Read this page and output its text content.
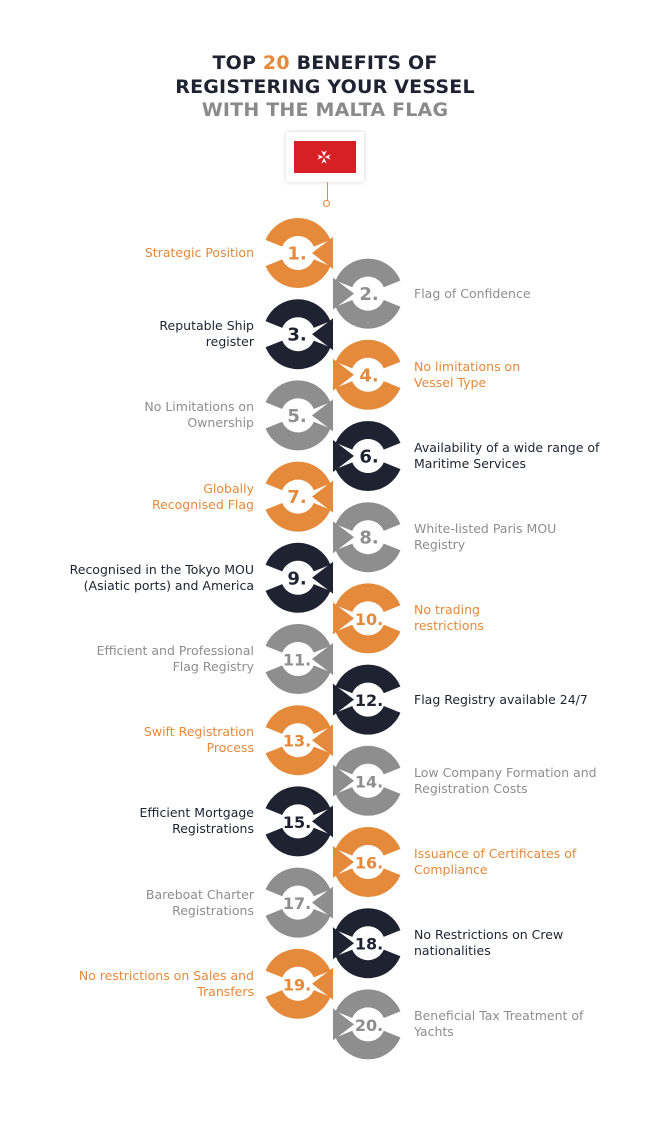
TOP 20 BENEFITS OF
REGISTERING YOUR VESSEL
WITH THE MALTA FLAG
1.
2.
3.
4.
5.
6.
7.
8.
9.
10.
11.
12.
13.
14.
15.
16.
17.
18.
19.
20.
Strategic Position
Flag of Confidence
Reputable Ship
register
No limitations on
Vessel Type
No Limitations on
Ownership
Availability of a wide range of
Maritime Services
Globally
Recognised Flag
White-listed Paris MOU
Registry
Recognised in the Tokyo MOU
(Asiatic ports) and America
No trading
restrictions
Efficient and Professional
Flag Registry
Flag Registry available 24/7
Swift Registration
Process
Low Company Formation and
Registration Costs
Efficient Mortgage
Registrations
Issuance of Certificates of
Compliance
Bareboat Charter
Registrations
No Restrictions on Crew
nationalities
No restrictions on Sales and
Transfers
Beneficial Tax Treatment of
Yachts
